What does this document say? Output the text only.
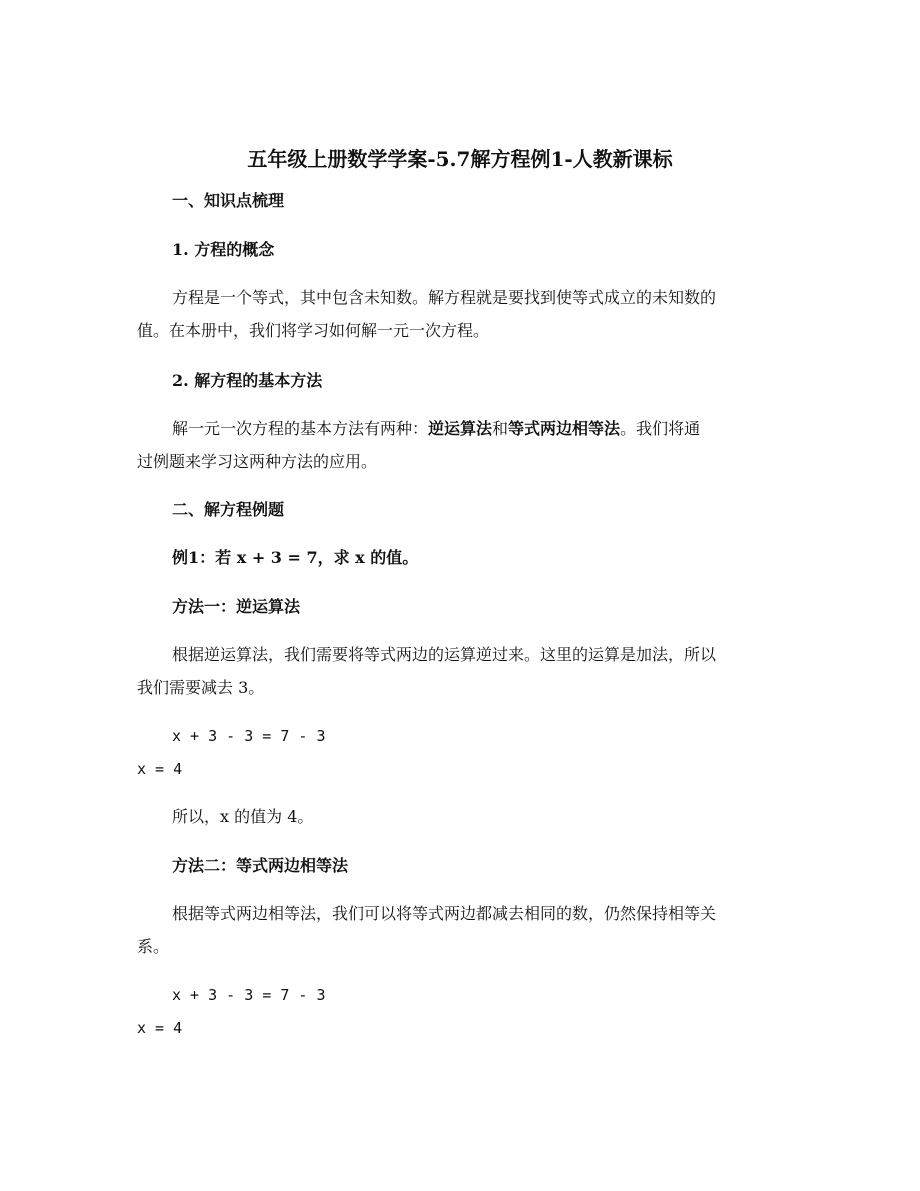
五年级上册数学学案-5.7解方程例1-人教新课标
一、知识点梳理
1. 方程的概念
方程是一个等式，其中包含未知数。解方程就是要找到使等式成立的未知数的
值。在本册中，我们将学习如何解一元一次方程。
2. 解方程的基本方法
解一元一次方程的基本方法有两种：逆运算法和等式两边相等法。我们将通
过例题来学习这两种方法的应用。
二、解方程例题
例1：若 x + 3 = 7，求 x 的值。
方法一：逆运算法
根据逆运算法，我们需要将等式两边的运算逆过来。这里的运算是加法，所以
我们需要减去 3。
x + 3 - 3 = 7 - 3
x = 4
所以，x 的值为 4。
方法二：等式两边相等法
根据等式两边相等法，我们可以将等式两边都减去相同的数，仍然保持相等关
系。
x + 3 - 3 = 7 - 3
x = 4
